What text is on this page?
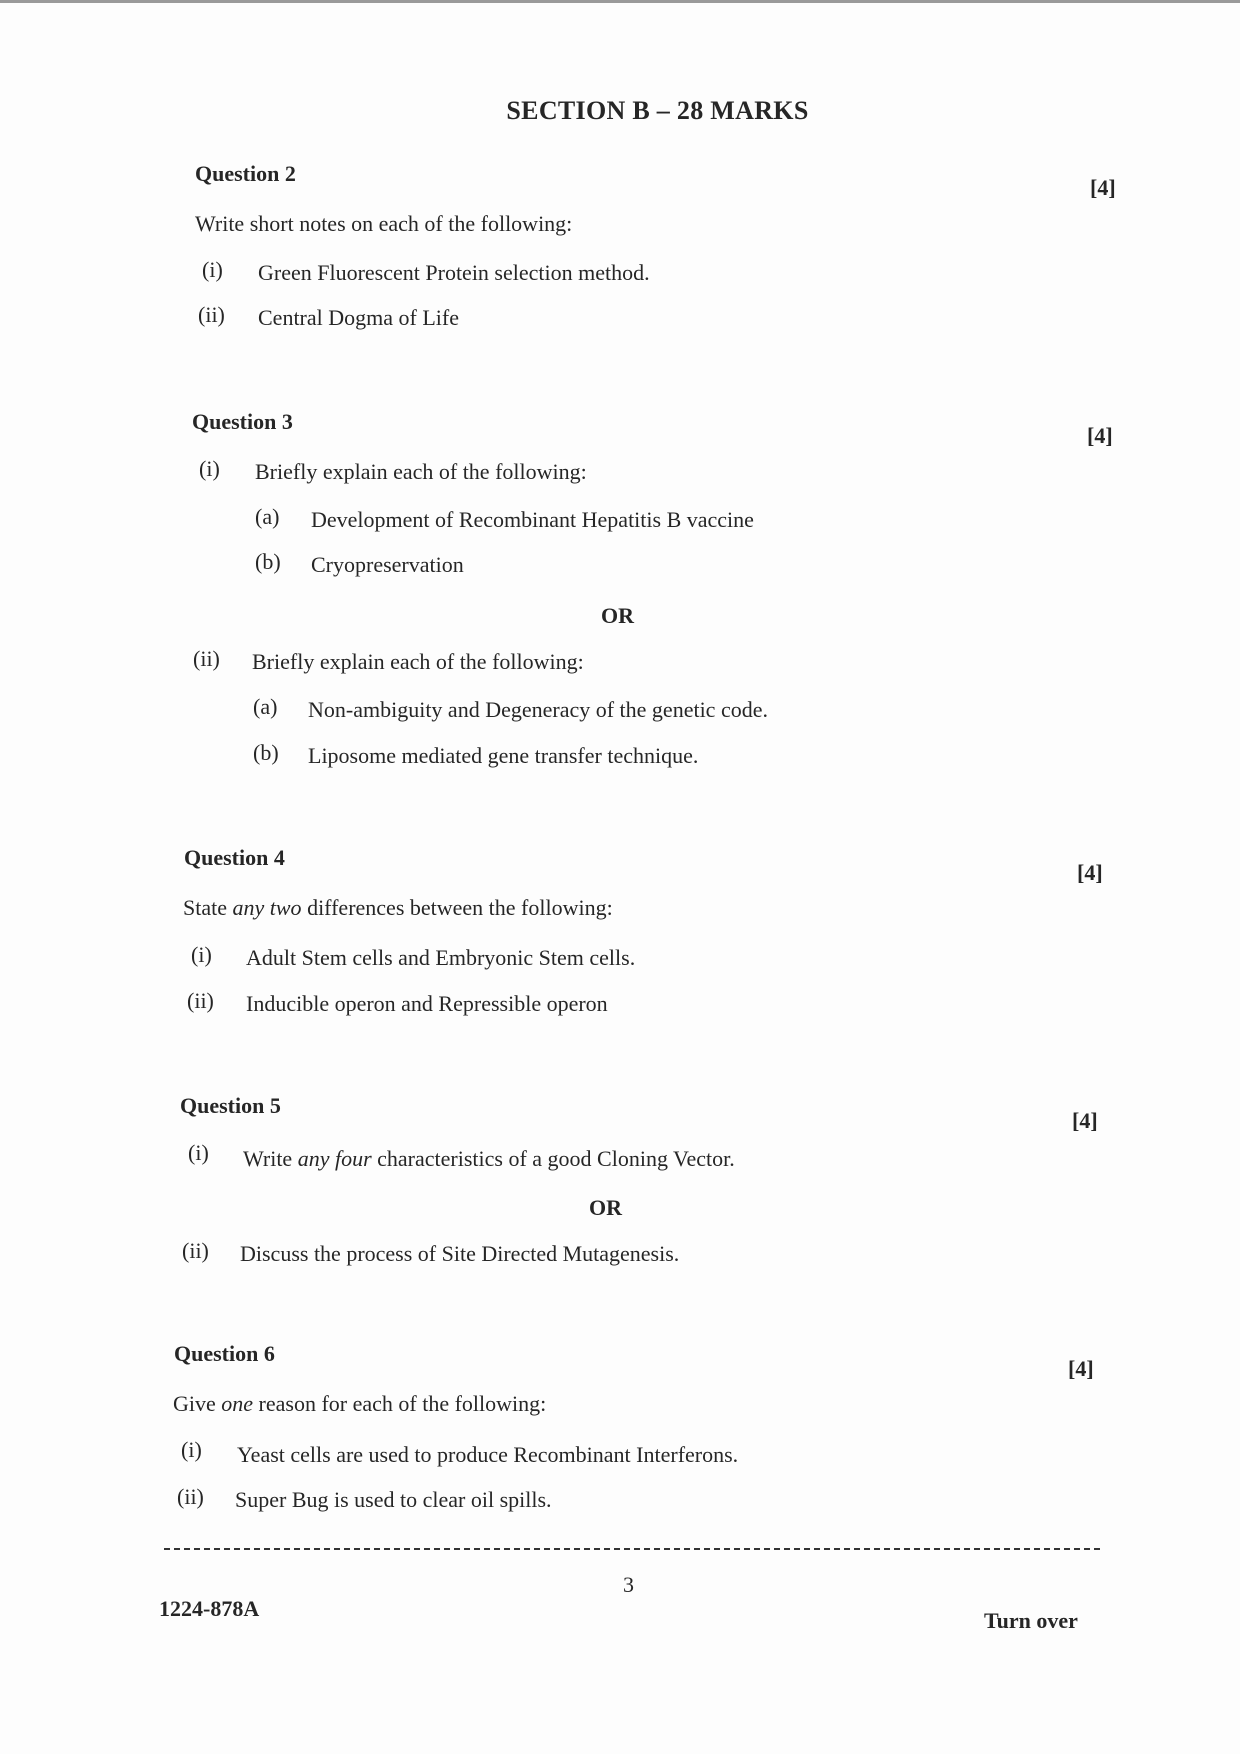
SECTION B – 28 MARKS
Question 2
[4]
Write short notes on each of the following:
(i) Green Fluorescent Protein selection method.
(ii) Central Dogma of Life
Question 3
[4]
(i) Briefly explain each of the following:
(a) Development of Recombinant Hepatitis B vaccine
(b) Cryopreservation
OR
(ii) Briefly explain each of the following:
(a) Non-ambiguity and Degeneracy of the genetic code.
(b) Liposome mediated gene transfer technique.
Question 4
[4]
State any two differences between the following:
(i) Adult Stem cells and Embryonic Stem cells.
(ii) Inducible operon and Repressible operon
Question 5
[4]
(i) Write any four characteristics of a good Cloning Vector.
OR
(ii) Discuss the process of Site Directed Mutagenesis.
Question 6
[4]
Give one reason for each of the following:
(i) Yeast cells are used to produce Recombinant Interferons.
(ii) Super Bug is used to clear oil spills.
3
1224-878A	Turn over
